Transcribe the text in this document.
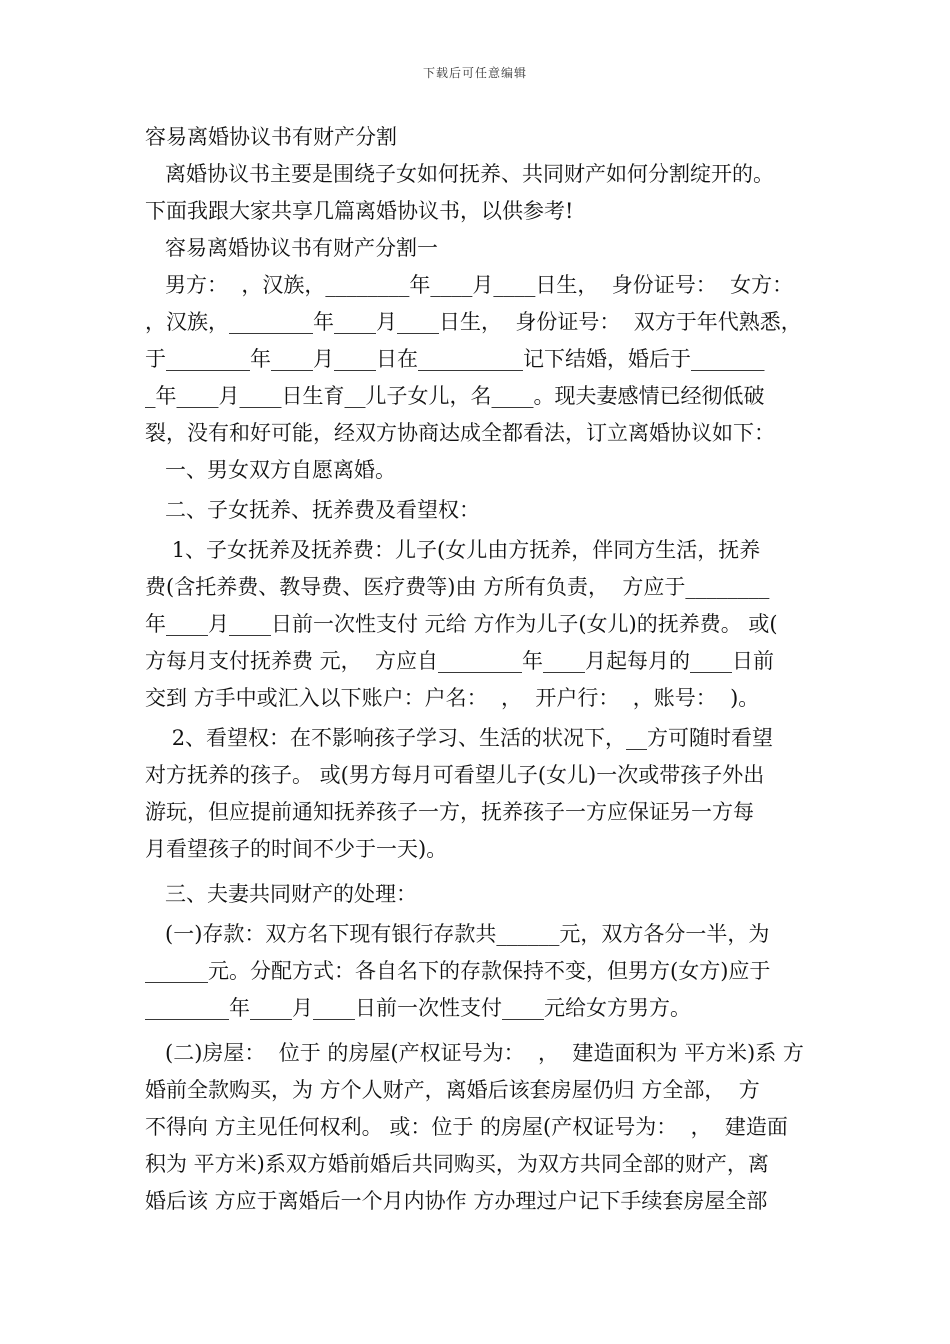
下载后可任意编辑
容易离婚协议书有财产分割
离婚协议书主要是围绕子女如何抚养、共同财产如何分割绽开的。
下面我跟大家共享几篇离婚协议书，以供参考!
容易离婚协议书有财产分割一
男方：  ，汉族，________年____月____日生，  身份证号：  女方：
，汉族，________年____月____日生，  身份证号：  双方于年代熟悉，
于________年____月____日在__________记下结婚，婚后于_______
_年____月____日生育__儿子女儿，名____。现夫妻感情已经彻低破
裂，没有和好可能，经双方协商达成全都看法，订立离婚协议如下：
一、男女双方自愿离婚。
二、子女抚养、抚养费及看望权：
1、子女抚养及抚养费：儿子(女儿由方抚养，伴同方生活，抚养
费(含托养费、教导费、医疗费等)由 方所有负责，  方应于________
年____月____日前一次性支付 元给 方作为儿子(女儿)的抚养费。 或(
方每月支付抚养费 元，  方应自________年____月起每月的____日前
交到 方手中或汇入以下账户：户名：  ，  开户行：  ，账号：  )。
2、看望权：在不影响孩子学习、生活的状况下，__方可随时看望
对方抚养的孩子。 或(男方每月可看望儿子(女儿)一次或带孩子外出
游玩，但应提前通知抚养孩子一方，抚养孩子一方应保证另一方每
月看望孩子的时间不少于一天)。
三、夫妻共同财产的处理：
(一)存款：双方名下现有银行存款共______元，双方各分一半，为
______元。分配方式：各自名下的存款保持不变，但男方(女方)应于
________年____月____日前一次性支付____元给女方男方。
(二)房屋：  位于 的房屋(产权证号为：  ，  建造面积为 平方米)系 方
婚前全款购买，为 方个人财产，离婚后该套房屋仍归 方全部，  方
不得向 方主见任何权利。 或：位于 的房屋(产权证号为：  ，  建造面
积为 平方米)系双方婚前婚后共同购买，为双方共同全部的财产，离
婚后该 方应于离婚后一个月内协作 方办理过户记下手续套房屋全部
